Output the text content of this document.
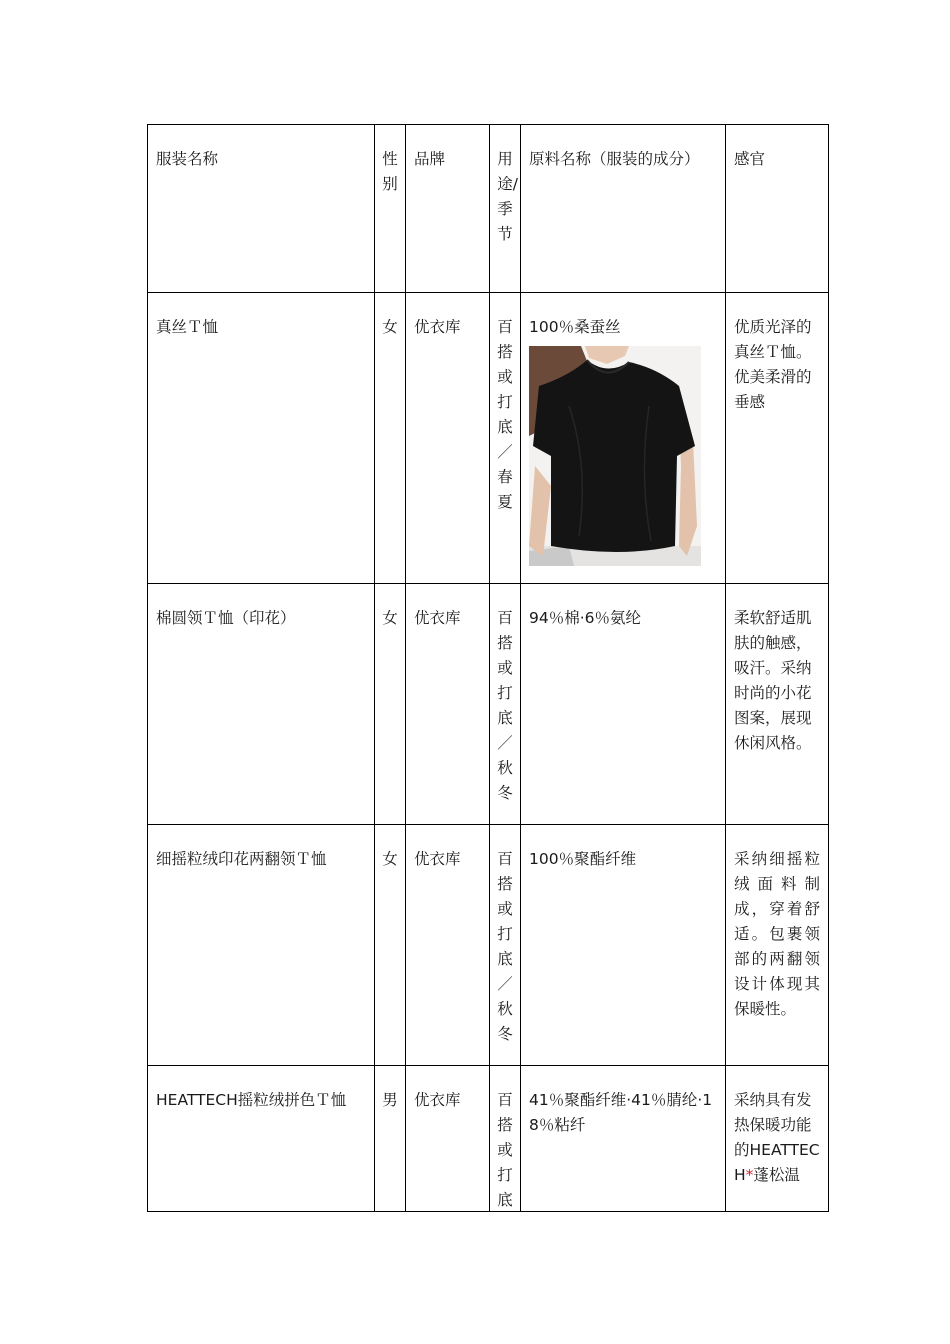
服装名称	性别	品牌	用途/季节	原料名称（服装的成分）	感官

真丝Ｔ恤	女	优衣库	百搭或打底／春夏	100％桑蚕丝	优质光泽的真丝Ｔ恤。优美柔滑的垂感

棉圆领Ｔ恤（印花）	女	优衣库	百搭或打底／秋冬	94％棉·6％氨纶	柔软舒适肌肤的触感，吸汗。采纳时尚的小花图案，展现休闲风格。

细摇粒绒印花两翻领Ｔ恤	女	优衣库	百搭或打底／秋冬	100％聚酯纤维	采纳细摇粒绒面料制成，穿着舒适。包裹领部的两翻领设计体现其保暖性。

HEATTECH摇粒绒拼色Ｔ恤	男	优衣库	百搭或打底	41％聚酯纤维·41％腈纶·18％粘纤	采纳具有发热保暖功能的HEATTECH*蓬松温
